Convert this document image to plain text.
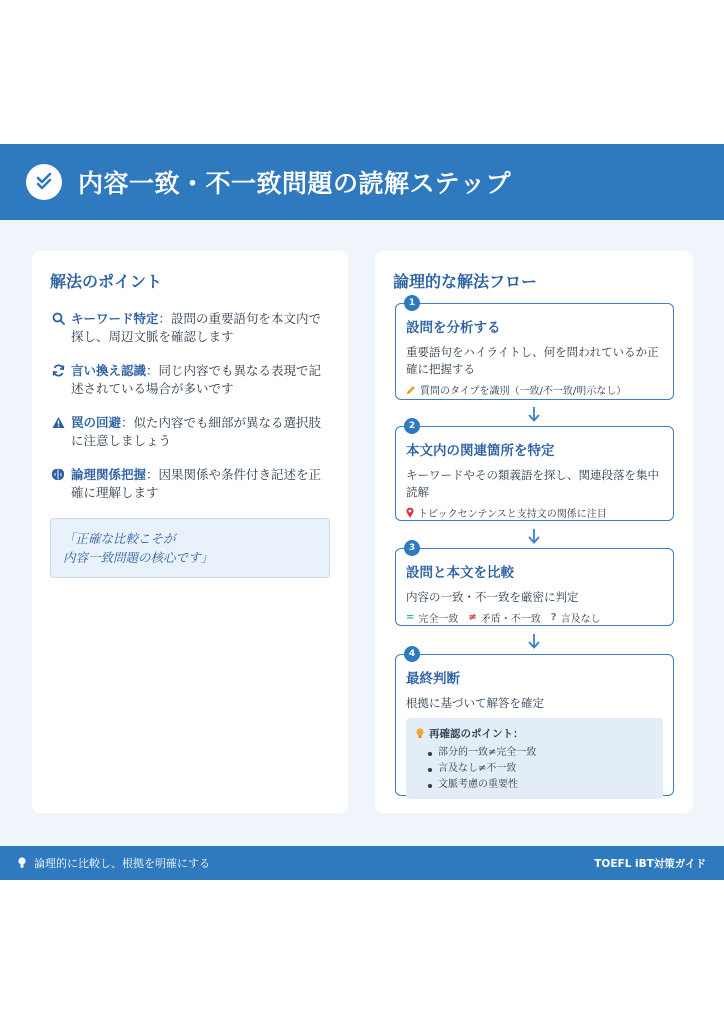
内容一致・不一致問題の読解ステップ
解法のポイント
キーワード特定：設問の重要語句を本文内で探し、周辺文脈を確認します
言い換え認識：同じ内容でも異なる表現で記述されている場合が多いです
罠の回避：似た内容でも細部が異なる選択肢に注意しましょう
論理関係把握：因果関係や条件付き記述を正確に理解します
「正確な比較こそが
内容一致問題の核心です」
論理的な解法フロー
1
設問を分析する
重要語句をハイライトし、何を問われているか正確に把握する
質問のタイプを識別（一致/不一致/明示なし）
2
本文内の関連箇所を特定
キーワードやその類義語を探し、関連段落を集中読解
トピックセンテンスと支持文の関係に注目
3
設問と本文を比較
内容の一致・不一致を厳密に判定
= 完全一致 ≠ 矛盾・不一致 ? 言及なし
4
最終判断
根拠に基づいて解答を確定
再確認のポイント：
部分的一致≠完全一致
言及なし≠不一致
文脈考慮の重要性
論理的に比較し、根拠を明確にする	TOEFL iBT対策ガイド
